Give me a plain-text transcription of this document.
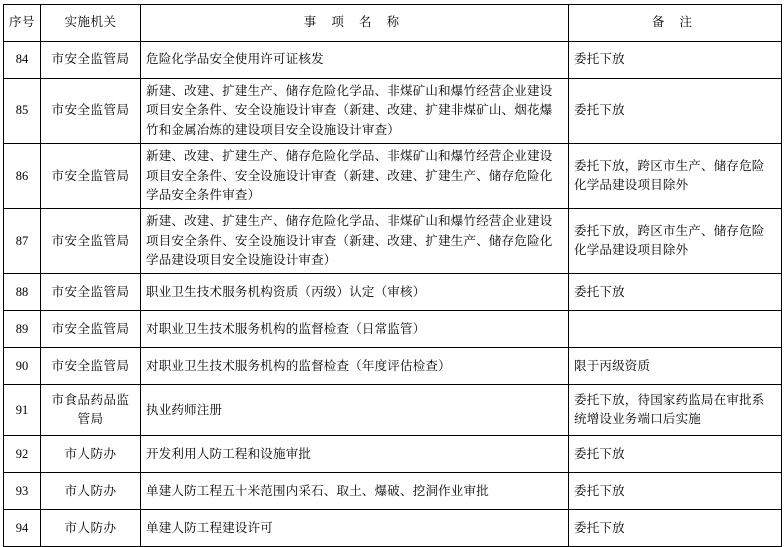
序号	实施机关	事 项 名 称	备 注
84	市安全监管局	危险化学品安全使用许可证核发	委托下放
85	市安全监管局	新建、改建、扩建生产、储存危险化学品、非煤矿山和爆竹经营企业建设项目安全条件、安全设施设计审查（新建、改建、扩建非煤矿山、烟花爆竹和金属冶炼的建设项目安全设施设计审查）	委托下放
86	市安全监管局	新建、改建、扩建生产、储存危险化学品、非煤矿山和爆竹经营企业建设项目安全条件、安全设施设计审查（新建、改建、扩建生产、储存危险化学品安全条件审查）	委托下放，跨区市生产、储存危险化学品建设项目除外
87	市安全监管局	新建、改建、扩建生产、储存危险化学品、非煤矿山和爆竹经营企业建设项目安全条件、安全设施设计审查（新建、改建、扩建生产、储存危险化学品建设项目安全设施设计审查）	委托下放，跨区市生产、储存危险化学品建设项目除外
88	市安全监管局	职业卫生技术服务机构资质（丙级）认定（审核）	委托下放
89	市安全监管局	对职业卫生技术服务机构的监督检查（日常监管）	
90	市安全监管局	对职业卫生技术服务机构的监督检查（年度评估检查）	限于丙级资质
91	市食品药品监管局	执业药师注册	委托下放，待国家药监局在审批系统增设业务端口后实施
92	市人防办	开发利用人防工程和设施审批	委托下放
93	市人防办	单建人防工程五十米范围内采石、取土、爆破、挖洞作业审批	委托下放
94	市人防办	单建人防工程建设许可	委托下放
